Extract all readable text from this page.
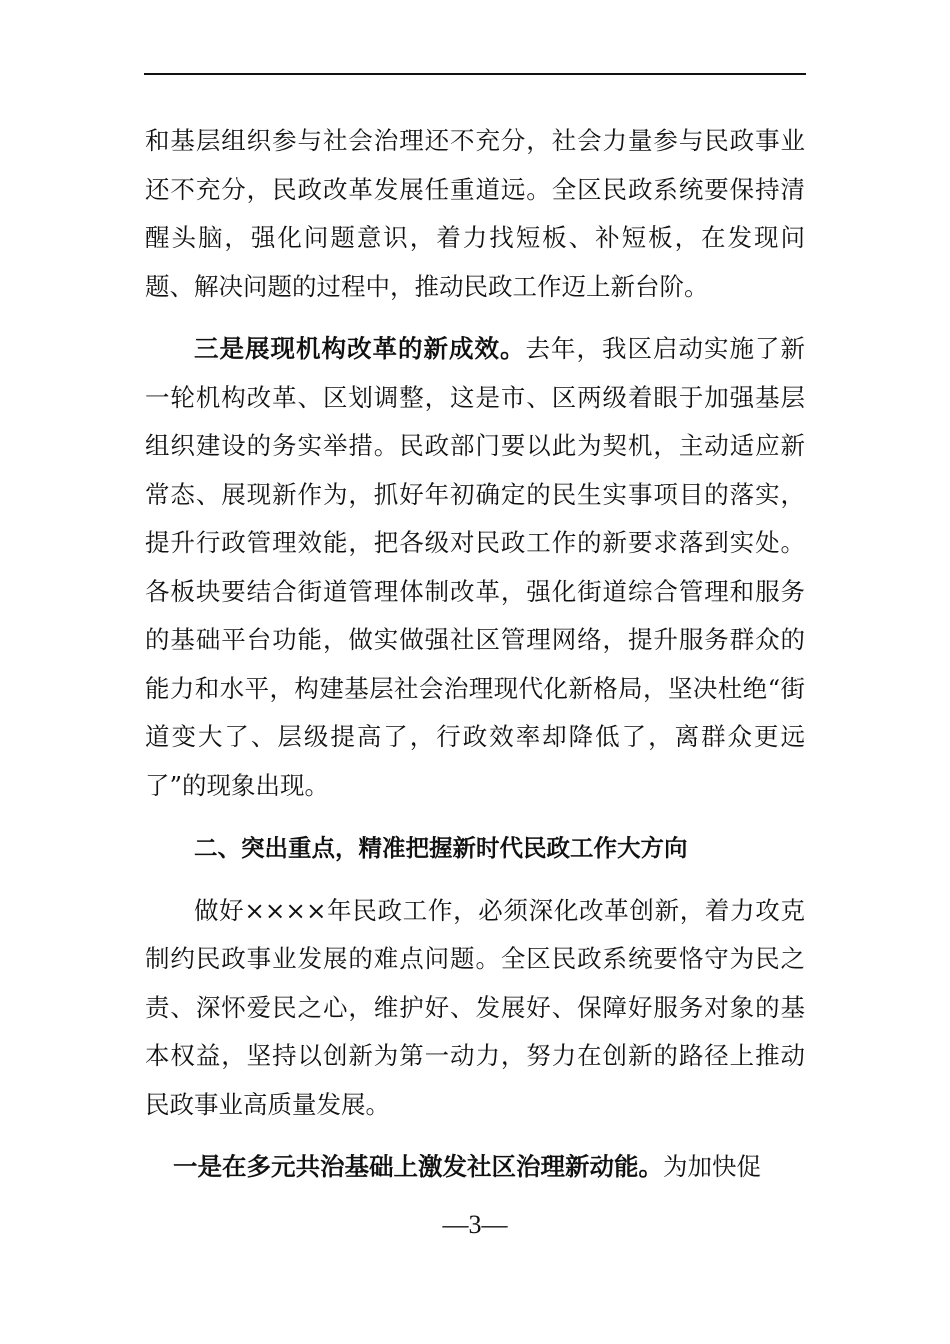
和基层组织参与社会治理还不充分，社会力量参与民政事业还不充分，民政改革发展任重道远。全区民政系统要保持清醒头脑，强化问题意识，着力找短板、补短板，在发现问题、解决问题的过程中，推动民政工作迈上新台阶。

三是展现机构改革的新成效。去年，我区启动实施了新一轮机构改革、区划调整，这是市、区两级着眼于加强基层组织建设的务实举措。民政部门要以此为契机，主动适应新常态、展现新作为，抓好年初确定的民生实事项目的落实，提升行政管理效能，把各级对民政工作的新要求落到实处。各板块要结合街道管理体制改革，强化街道综合管理和服务的基础平台功能，做实做强社区管理网络，提升服务群众的能力和水平，构建基层社会治理现代化新格局，坚决杜绝“街道变大了、层级提高了，行政效率却降低了，离群众更远了”的现象出现。

二、突出重点，精准把握新时代民政工作大方向

做好××××年民政工作，必须深化改革创新，着力攻克制约民政事业发展的难点问题。全区民政系统要恪守为民之责、深怀爱民之心，维护好、发展好、保障好服务对象的基本权益，坚持以创新为第一动力，努力在创新的路径上推动民政事业高质量发展。

一是在多元共治基础上激发社区治理新动能。为加快促

—3—
